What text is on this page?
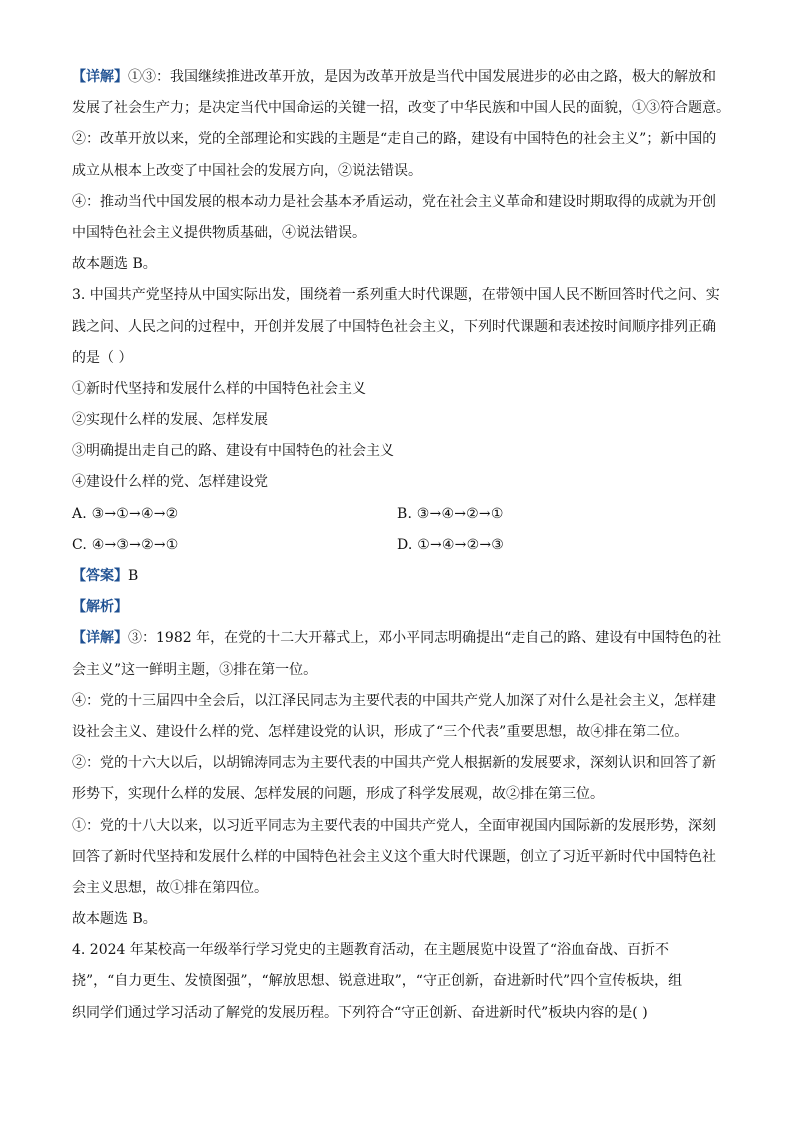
【详解】①③：我国继续推进改革开放，是因为改革开放是当代中国发展进步的必由之路，极大的解放和
发展了社会生产力；是决定当代中国命运的关键一招，改变了中华民族和中国人民的面貌，①③符合题意。
②：改革开放以来，党的全部理论和实践的主题是“走自己的路，建设有中国特色的社会主义”；新中国的
成立从根本上改变了中国社会的发展方向，②说法错误。
④：推动当代中国发展的根本动力是社会基本矛盾运动，党在社会主义革命和建设时期取得的成就为开创
中国特色社会主义提供物质基础，④说法错误。
故本题选 B。
3. 中国共产党坚持从中国实际出发，围绕着一系列重大时代课题，在带领中国人民不断回答时代之问、实
践之问、人民之问的过程中，开创并发展了中国特色社会主义，下列时代课题和表述按时间顺序排列正确
的是（ ）
①新时代坚持和发展什么样的中国特色社会主义
②实现什么样的发展、怎样发展
③明确提出走自己的路、建设有中国特色的社会主义
④建设什么样的党、怎样建设党
A. ③→①→④→②	B. ③→④→②→①
C. ④→③→②→①	D. ①→④→②→③
【答案】B
【解析】
【详解】③：1982 年，在党的十二大开幕式上，邓小平同志明确提出“走自己的路、建设有中国特色的社
会主义”这一鲜明主题，③排在第一位。
④：党的十三届四中全会后，以江泽民同志为主要代表的中国共产党人加深了对什么是社会主义，怎样建
设社会主义、建设什么样的党、怎样建设党的认识，形成了“三个代表”重要思想，故④排在第二位。
②：党的十六大以后，以胡锦涛同志为主要代表的中国共产党人根据新的发展要求，深刻认识和回答了新
形势下，实现什么样的发展、怎样发展的问题，形成了科学发展观，故②排在第三位。
①：党的十八大以来，以习近平同志为主要代表的中国共产党人，全面审视国内国际新的发展形势，深刻
回答了新时代坚持和发展什么样的中国特色社会主义这个重大时代课题，创立了习近平新时代中国特色社
会主义思想，故①排在第四位。
故本题选 B。
4. 2024 年某校高一年级举行学习党史的主题教育活动，在主题展览中设置了“浴血奋战、百折不
挠”，“自力更生、发愤图强”，“解放思想、锐意进取”，“守正创新，奋进新时代”四个宣传板块，组
织同学们通过学习活动了解党的发展历程。下列符合“守正创新、奋进新时代”板块内容的是( )
